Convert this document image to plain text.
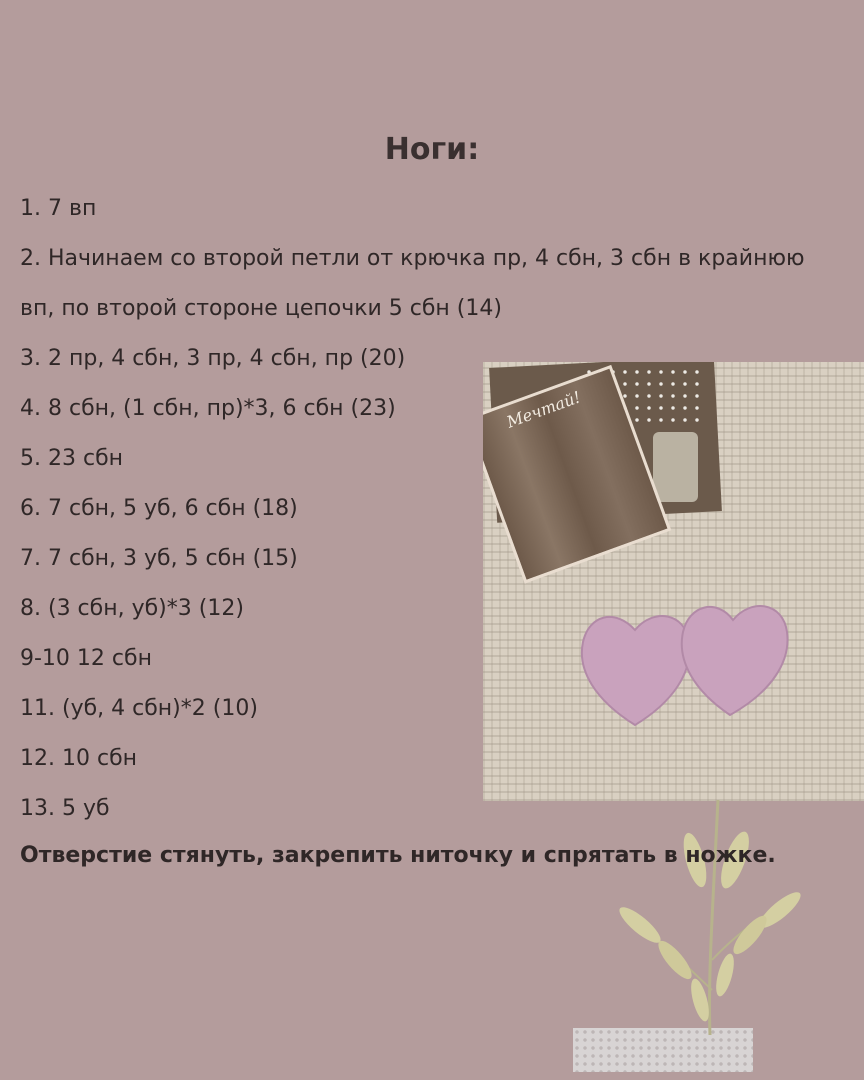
Ноги:
1. 7 вп
2. Начинаем со второй петли от крючка пр, 4 сбн, 3 сбн в крайнюю вп, по второй стороне цепочки 5 сбн (14)
3. 2 пр, 4 сбн, 3 пр, 4 сбн, пр (20)
4. 8 сбн, (1 сбн, пр)*3, 6 сбн (23)
5. 23 сбн
6. 7 сбн, 5 уб, 6 сбн (18)
7. 7 сбн, 3 уб, 5 сбн (15)
8. (3 сбн, уб)*3 (12)
9-10 12 сбн
11. (уб, 4 сбн)*2 (10)
12. 10 сбн
13. 5 уб
Мечтай!
Отверстие стянуть, закрепить ниточку и спрятать в ножке.
